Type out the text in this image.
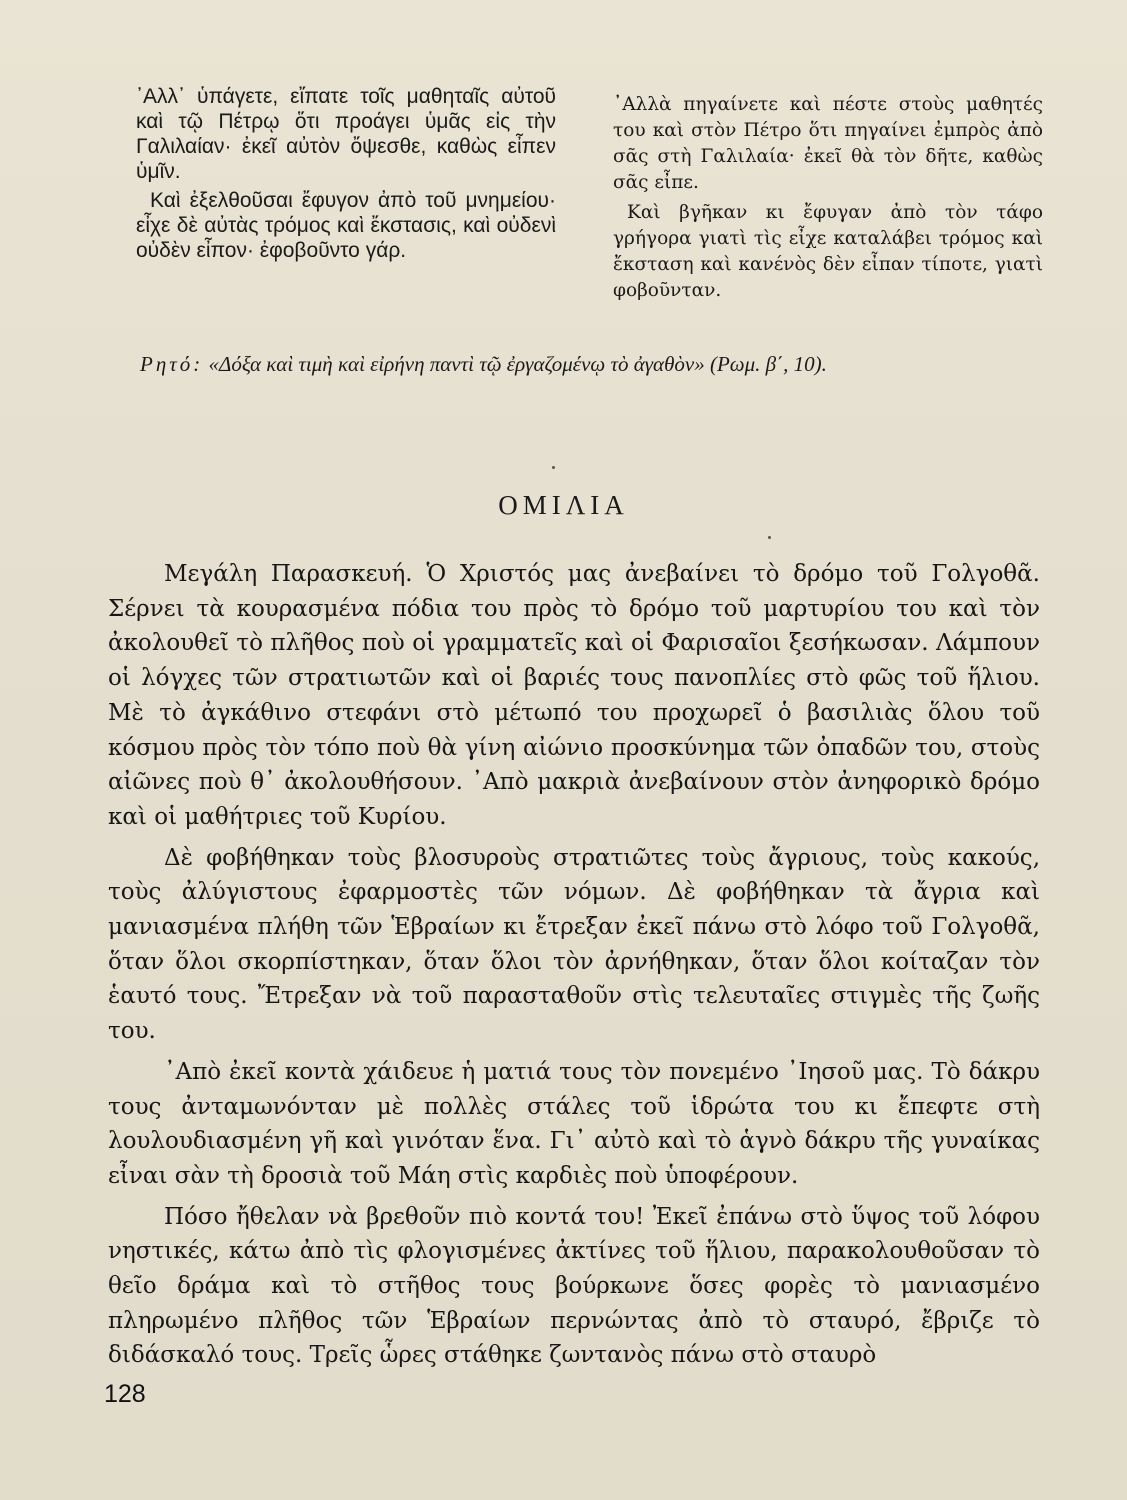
᾿Αλλ᾿ ὑπάγετε, εἴπατε τοῖς μαθηταῖς αὐτοῦ καὶ τῷ Πέτρῳ ὅτι προάγει ὑμᾶς εἰς τὴν Γαλιλαίαν· ἐκεῖ αὐτὸν ὄψεσθε, καθὼς εἶπεν ὑμῖν.

Καὶ ἐξελθοῦσαι ἔφυγον ἀπὸ τοῦ μνημείου· εἶχε δὲ αὐτὰς τρόμος καὶ ἔκστασις, καὶ οὐδενὶ οὐδὲν εἶπον· ἐφοβοῦντο γάρ.

᾿Αλλὰ πηγαίνετε καὶ πέστε στοὺς μαθητές του καὶ στὸν Πέτρο ὅτι πηγαίνει ἐμπρὸς ἀπὸ σᾶς στὴ Γαλιλαία· ἐκεῖ θὰ τὸν δῆτε, καθὼς σᾶς εἶπε.

Καὶ βγῆκαν κι ἔφυγαν ἀπὸ τὸν τάφο γρήγορα γιατὶ τὶς εἶχε καταλάβει τρόμος καὶ ἔκσταση καὶ κανένὸς δὲν εἶπαν τίποτε, γιατὶ φοβοῦνταν.

Ρητό: «Δόξα καὶ τιμὴ καὶ εἰρήνη παντὶ τῷ ἐργαζομένῳ τὸ ἀγαθὸν» (Ρωμ. β΄, 10).
ΟΜΙΛΙΑ

Μεγάλη Παρασκευή. Ὁ Χριστός μας ἀνεβαίνει τὸ δρόμο τοῦ Γολγοθᾶ. Σέρνει τὰ κουρασμένα πόδια του πρὸς τὸ δρόμο τοῦ μαρτυρίου του καὶ τὸν ἀκολουθεῖ τὸ πλῆθος ποὺ οἱ γραμματεῖς καὶ οἱ Φαρισαῖοι ξεσήκωσαν. Λάμπουν οἱ λόγχες τῶν στρατιωτῶν καὶ οἱ βαριές τους πανοπλίες στὸ φῶς τοῦ ἥλιου. Μὲ τὸ ἀγκάθινο στεφάνι στὸ μέτωπό του προχωρεῖ ὁ βασιλιὰς ὅλου τοῦ κόσμου πρὸς τὸν τόπο ποὺ θὰ γίνη αἰώνιο προσκύνημα τῶν ὀπαδῶν του, στοὺς αἰῶνες ποὺ θ᾿ ἀκολουθήσουν. ᾿Απὸ μακριὰ ἀνεβαίνουν στὸν ἀνηφορικὸ δρόμο καὶ οἱ μαθήτριες τοῦ Κυρίου.

Δὲ φοβήθηκαν τοὺς βλοσυροὺς στρατιῶτες τοὺς ἄγριους, τοὺς κακούς, τοὺς ἀλύγιστους ἐφαρμοστὲς τῶν νόμων. Δὲ φοβήθηκαν τὰ ἄγρια καὶ μανιασμένα πλήθη τῶν Ἑβραίων κι ἔτρεξαν ἐκεῖ πάνω στὸ λόφο τοῦ Γολγοθᾶ, ὅταν ὅλοι σκορπίστηκαν, ὅταν ὅλοι τὸν ἀρνήθηκαν, ὅταν ὅλοι κοίταζαν τὸν ἑαυτό τους. Ἔτρεξαν νὰ τοῦ παρασταθοῦν στὶς τελευταῖες στιγμὲς τῆς ζωῆς του.

᾿Απὸ ἐκεῖ κοντὰ χάιδευε ἡ ματιά τους τὸν πονεμένο ᾿Ιησοῦ μας. Τὸ δάκρυ τους ἀνταμωνόνταν μὲ πολλὲς στάλες τοῦ ἱδρώτα του κι ἔπεφτε στὴ λουλουδιασμένη γῆ καὶ γινόταν ἕνα. Γι᾿ αὐτὸ καὶ τὸ ἁγνὸ δάκρυ τῆς γυναίκας εἶναι σὰν τὴ δροσιὰ τοῦ Μάη στὶς καρδιὲς ποὺ ὑποφέρουν.

Πόσο ἤθελαν νὰ βρεθοῦν πιὸ κοντά του! Ἐκεῖ ἐπάνω στὸ ὕψος τοῦ λόφου νηστικές, κάτω ἀπὸ τὶς φλογισμένες ἀκτίνες τοῦ ἥλιου, παρακολουθοῦσαν τὸ θεῖο δράμα καὶ τὸ στῆθος τους βούρκωνε ὅσες φορὲς τὸ μανιασμένο πληρωμένο πλῆθος τῶν Ἑβραίων περνώντας ἀπὸ τὸ σταυρό, ἔβριζε τὸ διδάσκαλό τους. Τρεῖς ὧρες στάθηκε ζωντανὸς πάνω στὸ σταυρὸ

128
